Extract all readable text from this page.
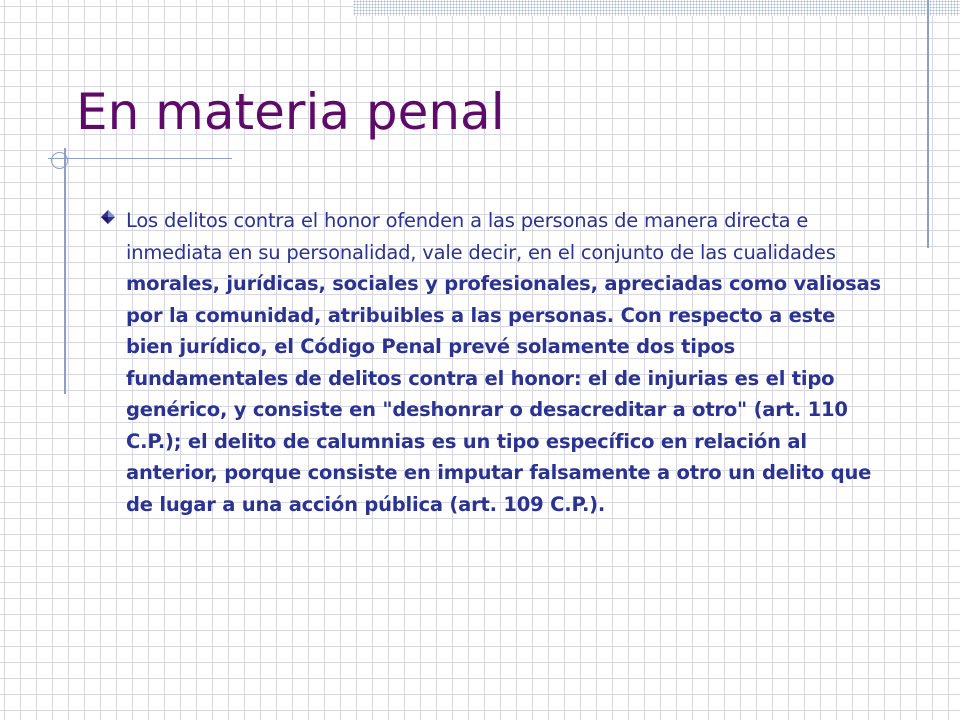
En materia penal

Los delitos contra el honor ofenden a las personas de manera directa e inmediata en su personalidad, vale decir, en el conjunto de las cualidades morales, jurídicas, sociales y profesionales, apreciadas como valiosas por la comunidad, atribuibles a las personas. Con respecto a este bien jurídico, el Código Penal prevé solamente dos tipos fundamentales de delitos contra el honor: el de injurias es el tipo genérico, y consiste en "deshonrar o desacreditar a otro" (art. 110 C.P.); el delito de calumnias es un tipo específico en relación al anterior, porque consiste en imputar falsamente a otro un delito que de lugar a una acción pública (art. 109 C.P.).
